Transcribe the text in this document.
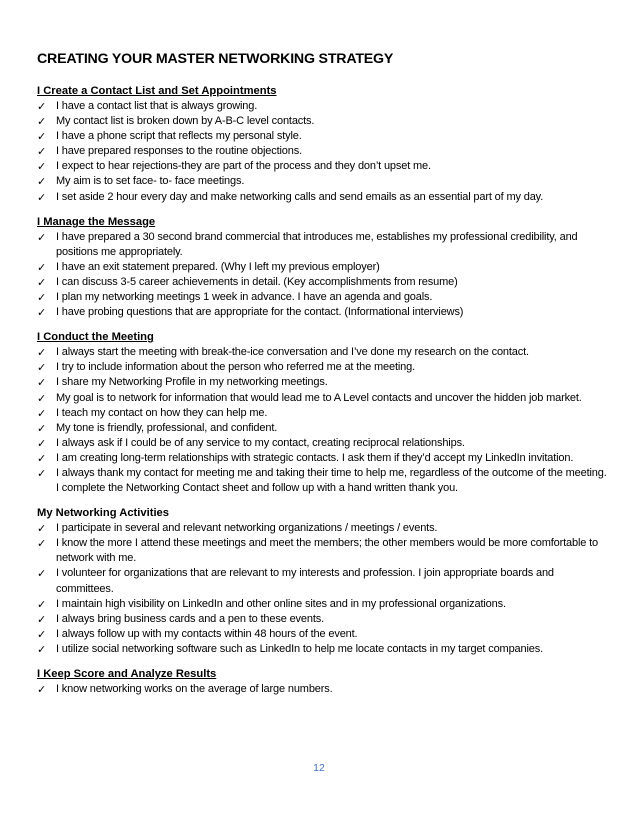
CREATING YOUR MASTER NETWORKING STRATEGY
I Create a Contact List and Set Appointments
✓ I have a contact list that is always growing.
✓ My contact list is broken down by A-B-C level contacts.
✓ I have a phone script that reflects my personal style.
✓ I have prepared responses to the routine objections.
✓ I expect to hear rejections-they are part of the process and they don’t upset me.
✓ My aim is to set face- to- face meetings.
✓ I set aside 2 hour every day and make networking calls and send emails as an essential part of my day.
I Manage the Message
✓ I have prepared a 30 second brand commercial that introduces me, establishes my professional credibility, and positions me appropriately.
✓ I have an exit statement prepared. (Why I left my previous employer)
✓ I can discuss 3-5 career achievements in detail. (Key accomplishments from resume)
✓ I plan my networking meetings 1 week in advance. I have an agenda and goals.
✓ I have probing questions that are appropriate for the contact. (Informational interviews)
I Conduct the Meeting
✓ I always start the meeting with break-the-ice conversation and I’ve done my research on the contact.
✓ I try to include information about the person who referred me at the meeting.
✓ I share my Networking Profile in my networking meetings.
✓ My goal is to network for information that would lead me to A Level contacts and uncover the hidden job market.
✓ I teach my contact on how they can help me.
✓ My tone is friendly, professional, and confident.
✓ I always ask if I could be of any service to my contact, creating reciprocal relationships.
✓ I am creating long-term relationships with strategic contacts. I ask them if they’d accept my LinkedIn invitation.
✓ I always thank my contact for meeting me and taking their time to help me, regardless of the outcome of the meeting. I complete the Networking Contact sheet and follow up with a hand written thank you.
My Networking Activities
✓ I participate in several and relevant networking organizations / meetings / events.
✓ I know the more I attend these meetings and meet the members; the other members would be more comfortable to network with me.
✓ I volunteer for organizations that are relevant to my interests and profession. I join appropriate boards and committees.
✓ I maintain high visibility on LinkedIn and other online sites and in my professional organizations.
✓ I always bring business cards and a pen to these events.
✓ I always follow up with my contacts within 48 hours of the event.
✓ I utilize social networking software such as LinkedIn to help me locate contacts in my target companies.
I Keep Score and Analyze Results
✓ I know networking works on the average of large numbers.
12
